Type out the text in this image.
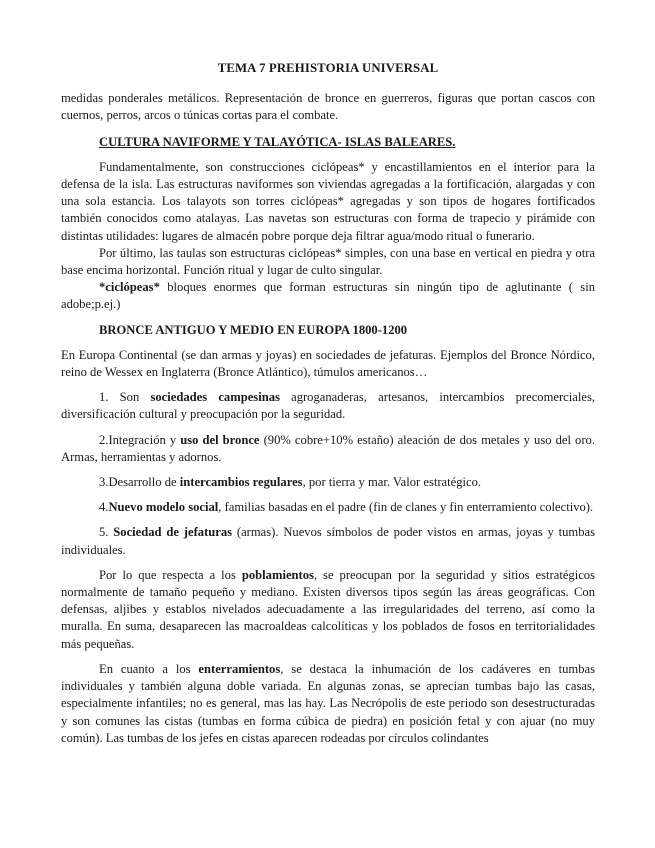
TEMA 7 PREHISTORIA UNIVERSAL

medidas ponderales metálicos. Representación de bronce en guerreros, figuras que portan cascos con cuernos, perros, arcos o túnicas cortas para el combate.

CULTURA NAVIFORME Y TALAYÓTICA- ISLAS BALEARES.

Fundamentalmente, son construcciones ciclópeas* y encastillamientos en el interior para la defensa de la isla. Las estructuras naviformes son viviendas agregadas a la fortificación, alargadas y con una sola estancia. Los talayots son torres ciclópeas* agregadas y son tipos de hogares fortificados también conocidos como atalayas. Las navetas son estructuras con forma de trapecio y pirámide con distintas utilidades: lugares de almacén pobre porque deja filtrar agua/modo ritual o funerario.

Por último, las taulas son estructuras ciclópeas* simples, con una base en vertical en piedra y otra base encima horizontal. Función ritual y lugar de culto singular.

*ciclópeas* bloques enormes que forman estructuras sin ningún tipo de aglutinante ( sin adobe;p.ej.)

BRONCE ANTIGUO Y MEDIO EN EUROPA 1800-1200

En Europa Continental (se dan armas y joyas) en sociedades de jefaturas. Ejemplos del Bronce Nórdico, reino de Wessex en Inglaterra (Bronce Atlántico), túmulos americanos…

1. Son sociedades campesinas agroganaderas, artesanos, intercambios precomerciales, diversificación cultural y preocupación por la seguridad.

2.Integración y uso del bronce (90% cobre+10% estaño) aleación de dos metales y uso del oro. Armas, herramientas y adornos.

3.Desarrollo de intercambios regulares, por tierra y mar. Valor estratégico.

4.Nuevo modelo social, familias basadas en el padre (fin de clanes y fin enterramiento colectivo).

5. Sociedad de jefaturas (armas). Nuevos símbolos de poder vistos en armas, joyas y tumbas individuales.

Por lo que respecta a los poblamientos, se preocupan por la seguridad y sitios estratégicos normalmente de tamaño pequeño y mediano. Existen diversos tipos según las áreas geográficas. Con defensas, aljibes y establos nivelados adecuadamente a las irregularidades del terreno, así como la muralla. En suma, desaparecen las macroaldeas calcolíticas y los poblados de fosos en territorialidades más pequeñas.

En cuanto a los enterramientos, se destaca la inhumación de los cadáveres en tumbas individuales y también alguna doble variada. En algunas zonas, se aprecian tumbas bajo las casas, especialmente infantiles; no es general, mas las hay. Las Necrópolis de este periodo son desestructuradas y son comunes las cistas (tumbas en forma cúbica de piedra) en posición fetal y con ajuar (no muy común). Las tumbas de los jefes en cistas aparecen rodeadas por círculos colindantes
